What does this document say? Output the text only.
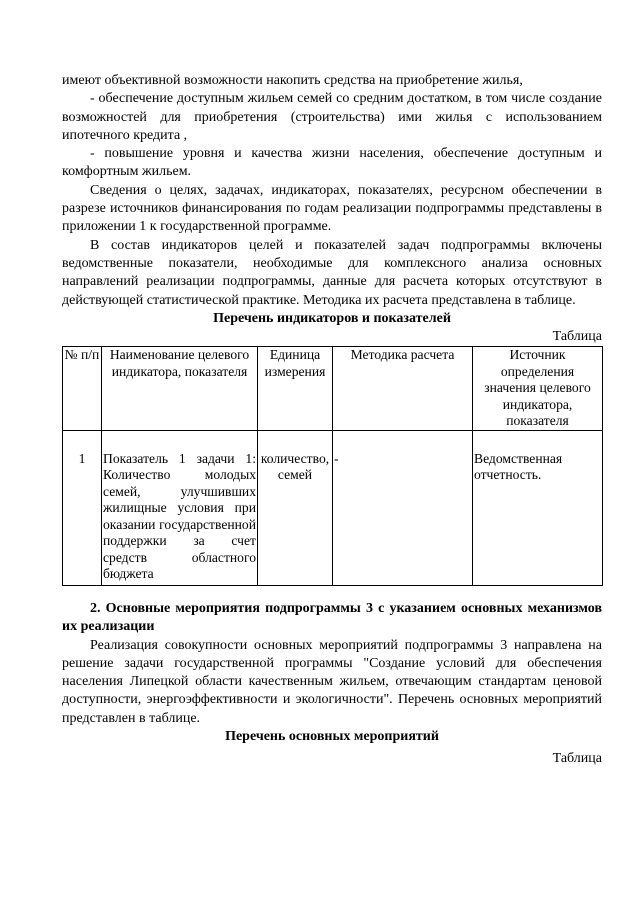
имеют объективной возможности накопить средства на приобретение жилья,

- обеспечение доступным жильем семей со средним достатком, в том числе создание возможностей для приобретения (строительства) ими жилья с использованием ипотечного кредита ,

- повышение уровня и качества жизни населения, обеспечение доступным и комфортным жильем.

Сведения о целях, задачах, индикаторах, показателях, ресурсном обеспечении в разрезе источников финансирования по годам реализации подпрограммы представлены в приложении 1 к государственной программе.

В состав индикаторов целей и показателей задач подпрограммы включены ведомственные показатели, необходимые для комплексного анализа основных направлений реализации подпрограммы, данные для расчета которых отсутствуют в действующей статистической практике. Методика их расчета представлена в таблице.

Перечень индикаторов и показателей

Таблица

№ п/п	Наименование целевого индикатора, показателя	Единица измерения	Методика расчета	Источник определения значения целевого индикатора, показателя
1	Показатель 1 задачи 1: Количество молодых семей, улучшивших жилищные условия при оказании государственной поддержки за счет средств областного бюджета	количество, семей	-	Ведомственная отчетность.

2. Основные мероприятия подпрограммы 3 с указанием основных механизмов их реализации

Реализация совокупности основных мероприятий подпрограммы 3 направлена на решение задачи государственной программы "Создание условий для обеспечения населения Липецкой области качественным жильем, отвечающим стандартам ценовой доступности, энергоэффективности и экологичности". Перечень основных мероприятий представлен в таблице.

Перечень основных мероприятий

Таблица
